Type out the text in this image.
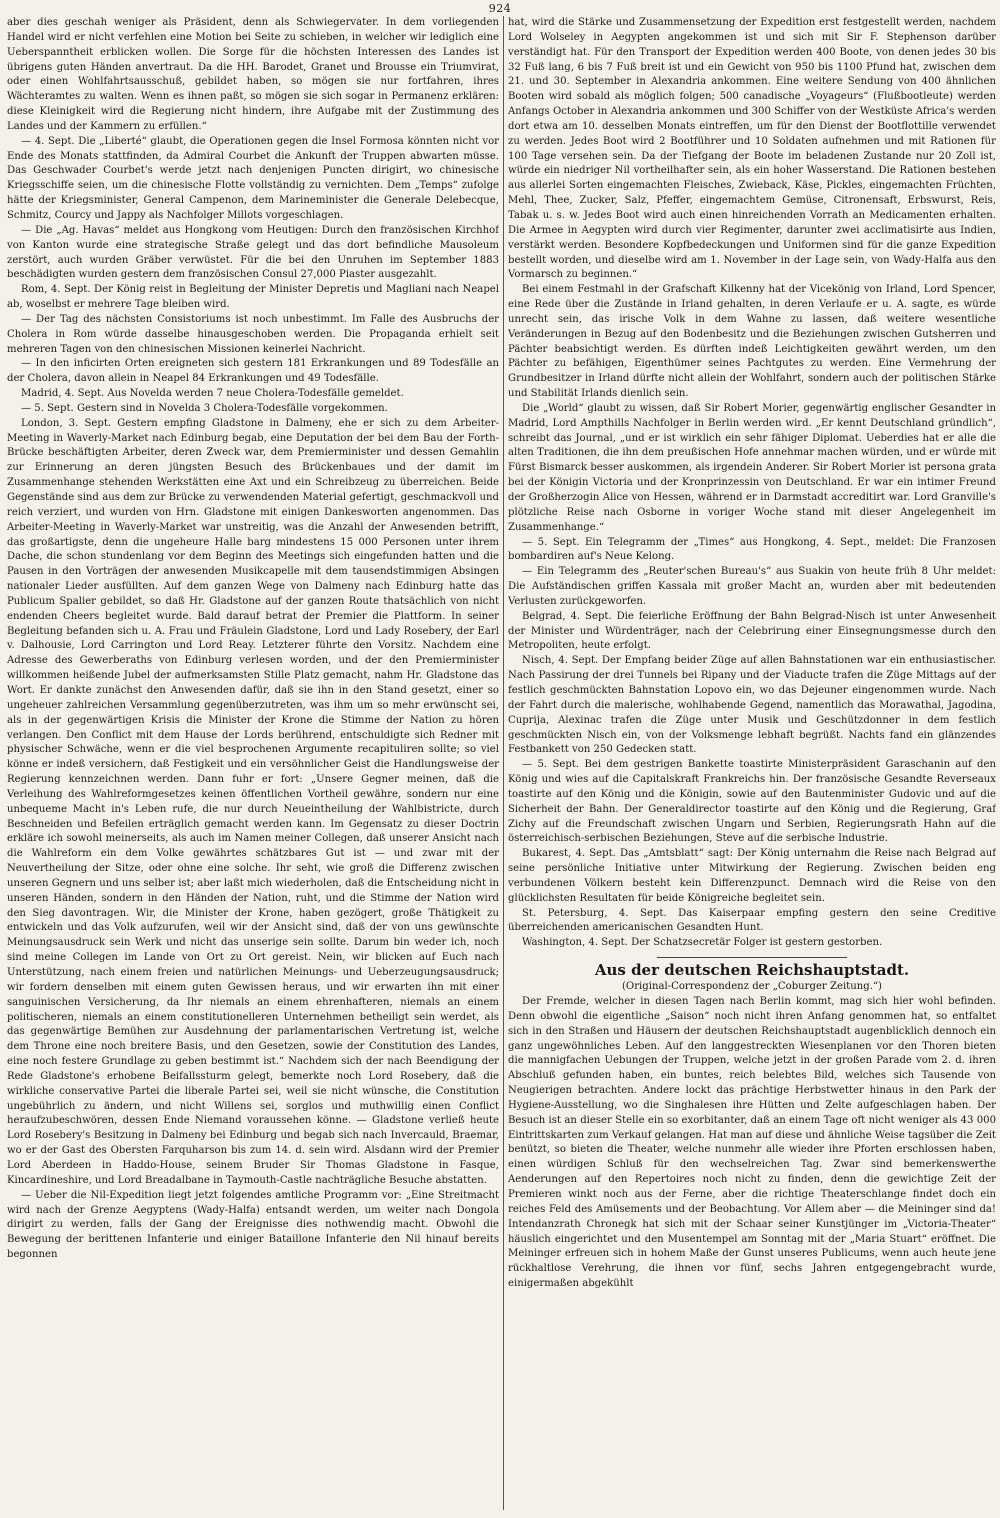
924

aber dies geschah weniger als Präsident, denn als Schwiegervater. In dem vorliegenden Handel wird er nicht verfehlen eine Motion bei Seite zu schieben, in welcher wir lediglich eine Ueberspanntheit erblicken wollen. Die Sorge für die höchsten Interessen des Landes ist übrigens guten Händen anvertraut. Da die HH. Barodet, Granet und Brousse ein Triumvirat, oder einen Wohlfahrtsausschuß, gebildet haben, so mögen sie nur fortfahren, ihres Wächteramtes zu walten. Wenn es ihnen paßt, so mögen sie sich sogar in Permanenz erklären: diese Kleinigkeit wird die Regierung nicht hindern, ihre Aufgabe mit der Zustimmung des Landes und der Kammern zu erfüllen.“

— 4. Sept. Die „Liberté“ glaubt, die Operationen gegen die Insel Formosa könnten nicht vor Ende des Monats stattfinden, da Admiral Courbet die Ankunft der Truppen abwarten müsse. Das Geschwader Courbet's werde jetzt nach denjenigen Puncten dirigirt, wo chinesische Kriegsschiffe seien, um die chinesische Flotte vollständig zu vernichten. Dem „Temps“ zufolge hätte der Kriegsminister, General Campenon, dem Marineminister die Generale Delebecque, Schmitz, Courcy und Jappy als Nachfolger Millots vorgeschlagen.

— Die „Ag. Havas“ meldet aus Hongkong vom Heutigen: Durch den französischen Kirchhof von Kanton wurde eine strategische Straße gelegt und das dort befindliche Mausoleum zerstört, auch wurden Gräber verwüstet. Für die bei den Unruhen im September 1883 beschädigten wurden gestern dem französischen Consul 27,000 Piaster ausgezahlt.

Rom, 4. Sept. Der König reist in Begleitung der Minister Depretis und Magliani nach Neapel ab, woselbst er mehrere Tage bleiben wird.

— Der Tag des nächsten Consistoriums ist noch unbestimmt. Im Falle des Ausbruchs der Cholera in Rom würde dasselbe hinausgeschoben werden. Die Propaganda erhielt seit mehreren Tagen von den chinesischen Missionen keinerlei Nachricht.

— In den inficirten Orten ereigneten sich gestern 181 Erkrankungen und 89 Todesfälle an der Cholera, davon allein in Neapel 84 Erkrankungen und 49 Todesfälle.

Madrid, 4. Sept. Aus Novelda werden 7 neue Cholera-Todesfälle gemeldet.

— 5. Sept. Gestern sind in Novelda 3 Cholera-Todesfälle vorgekommen.

London, 3. Sept. Gestern empfing Gladstone in Dalmeny, ehe er sich zu dem Arbeiter-Meeting in Waverly-Market nach Edinburg begab, eine Deputation der bei dem Bau der Forth-Brücke beschäftigten Arbeiter, deren Zweck war, dem Premierminister und dessen Gemahlin zur Erinnerung an deren jüngsten Besuch des Brückenbaues und der damit im Zusammenhange stehenden Werkstätten eine Axt und ein Schreibzeug zu überreichen. Beide Gegenstände sind aus dem zur Brücke zu verwendenden Material gefertigt, geschmackvoll und reich verziert, und wurden von Hrn. Gladstone mit einigen Dankesworten angenommen. Das Arbeiter-Meeting in Waverly-Market war unstreitig, was die Anzahl der Anwesenden betrifft, das großartigste, denn die ungeheure Halle barg mindestens 15 000 Personen unter ihrem Dache, die schon stundenlang vor dem Beginn des Meetings sich eingefunden hatten und die Pausen in den Vorträgen der anwesenden Musikcapelle mit dem tausendstimmigen Absingen nationaler Lieder ausfüllten. Auf dem ganzen Wege von Dalmeny nach Edinburg hatte das Publicum Spalier gebildet, so daß Hr. Gladstone auf der ganzen Route thatsächlich von nicht endenden Cheers begleitet wurde. Bald darauf betrat der Premier die Plattform. In seiner Begleitung befanden sich u. A. Frau und Fräulein Gladstone, Lord und Lady Rosebery, der Earl v. Dalhousie, Lord Carrington und Lord Reay. Letzterer führte den Vorsitz. Nachdem eine Adresse des Gewerberaths von Edinburg verlesen worden, und der den Premierminister willkommen heißende Jubel der aufmerksamsten Stille Platz gemacht, nahm Hr. Gladstone das Wort. Er dankte zunächst den Anwesenden dafür, daß sie ihn in den Stand gesetzt, einer so ungeheuer zahlreichen Versammlung gegenüberzutreten, was ihm um so mehr erwünscht sei, als in der gegenwärtigen Krisis die Minister der Krone die Stimme der Nation zu hören verlangen. Den Conflict mit dem Hause der Lords berührend, entschuldigte sich Redner mit physischer Schwäche, wenn er die viel besprochenen Argumente recapituliren sollte; so viel könne er indeß versichern, daß Festigkeit und ein versöhnlicher Geist die Handlungsweise der Regierung kennzeichnen werden. Dann fuhr er fort: „Unsere Gegner meinen, daß die Verleihung des Wahlreformgesetzes keinen öffentlichen Vortheil gewähre, sondern nur eine unbequeme Macht in's Leben rufe, die nur durch Neueintheilung der Wahlbistricte, durch Beschneiden und Befeilen erträglich gemacht werden kann. Im Gegensatz zu dieser Doctrin erkläre ich sowohl meinerseits, als auch im Namen meiner Collegen, daß unserer Ansicht nach die Wahlreform ein dem Volke gewährtes schätzbares Gut ist — und zwar mit der Neuvertheilung der Sitze, oder ohne eine solche. Ihr seht, wie groß die Differenz zwischen unseren Gegnern und uns selber ist; aber laßt mich wiederholen, daß die Entscheidung nicht in unseren Händen, sondern in den Händen der Nation, ruht, und die Stimme der Nation wird den Sieg davontragen. Wir, die Minister der Krone, haben gezögert, große Thätigkeit zu entwickeln und das Volk aufzurufen, weil wir der Ansicht sind, daß der von uns gewünschte Meinungsausdruck sein Werk und nicht das unserige sein sollte. Darum bin weder ich, noch sind meine Collegen im Lande von Ort zu Ort gereist. Nein, wir blicken auf Euch nach Unterstützung, nach einem freien und natürlichen Meinungs- und Ueberzeugungsausdruck; wir fordern denselben mit einem guten Gewissen heraus, und wir erwarten ihn mit einer sanguinischen Versicherung, da Ihr niemals an einem ehrenhafteren, niemals an einem politischeren, niemals an einem constitutionelleren Unternehmen betheiligt sein werdet, als das gegenwärtige Bemühen zur Ausdehnung der parlamentarischen Vertretung ist, welche dem Throne eine noch breitere Basis, und den Gesetzen, sowie der Constitution des Landes, eine noch festere Grundlage zu geben bestimmt ist.“ Nachdem sich der nach Beendigung der Rede Gladstone's erhobene Beifallssturm gelegt, bemerkte noch Lord Rosebery, daß die wirkliche conservative Partei die liberale Partei sei, weil sie nicht wünsche, die Constitution ungebührlich zu ändern, und nicht Willens sei, sorglos und muthwillig einen Conflict heraufzubeschwören, dessen Ende Niemand voraussehen könne. — Gladstone verließ heute Lord Rosebery's Besitzung in Dalmeny bei Edinburg und begab sich nach Invercauld, Braemar, wo er der Gast des Obersten Farquharson bis zum 14. d. sein wird. Alsdann wird der Premier Lord Aberdeen in Haddo-House, seinem Bruder Sir Thomas Gladstone in Fasque, Kincardineshire, und Lord Breadalbane in Taymouth-Castle nachträgliche Besuche abstatten.

— Ueber die Nil-Expedition liegt jetzt folgendes amtliche Programm vor: „Eine Streitmacht wird nach der Grenze Aegyptens (Wady-Halfa) entsandt werden, um weiter nach Dongola dirigirt zu werden, falls der Gang der Ereignisse dies nothwendig macht. Obwohl die Bewegung der berittenen Infanterie und einiger Bataillone Infanterie den Nil hinauf bereits begonnen

hat, wird die Stärke und Zusammensetzung der Expedition erst festgestellt werden, nachdem Lord Wolseley in Aegypten angekommen ist und sich mit Sir F. Stephenson darüber verständigt hat. Für den Transport der Expedition werden 400 Boote, von denen jedes 30 bis 32 Fuß lang, 6 bis 7 Fuß breit ist und ein Gewicht von 950 bis 1100 Pfund hat, zwischen dem 21. und 30. September in Alexandria ankommen. Eine weitere Sendung von 400 ähnlichen Booten wird sobald als möglich folgen; 500 canadische „Voyageurs“ (Flußbootleute) werden Anfangs October in Alexandria ankommen und 300 Schiffer von der Westküste Africa's werden dort etwa am 10. desselben Monats eintreffen, um für den Dienst der Bootflottille verwendet zu werden. Jedes Boot wird 2 Bootführer und 10 Soldaten aufnehmen und mit Rationen für 100 Tage versehen sein. Da der Tiefgang der Boote im beladenen Zustande nur 20 Zoll ist, würde ein niedriger Nil vortheilhafter sein, als ein hoher Wasserstand. Die Rationen bestehen aus allerlei Sorten eingemachten Fleisches, Zwieback, Käse, Pickles, eingemachten Früchten, Mehl, Thee, Zucker, Salz, Pfeffer, eingemachtem Gemüse, Citronensaft, Erbswurst, Reis, Tabak u. s. w. Jedes Boot wird auch einen hinreichenden Vorrath an Medicamenten erhalten. Die Armee in Aegypten wird durch vier Regimenter, darunter zwei acclimatisirte aus Indien, verstärkt werden. Besondere Kopfbedeckungen und Uniformen sind für die ganze Expedition bestellt worden, und dieselbe wird am 1. November in der Lage sein, von Wady-Halfa aus den Vormarsch zu beginnen.“

Bei einem Festmahl in der Grafschaft Kilkenny hat der Vicekönig von Irland, Lord Spencer, eine Rede über die Zustände in Irland gehalten, in deren Verlaufe er u. A. sagte, es würde unrecht sein, das irische Volk in dem Wahne zu lassen, daß weitere wesentliche Veränderungen in Bezug auf den Bodenbesitz und die Beziehungen zwischen Gutsherren und Pächter beabsichtigt werden. Es dürften indeß Leichtigkeiten gewährt werden, um den Pächter zu befähigen, Eigenthümer seines Pachtgutes zu werden. Eine Vermehrung der Grundbesitzer in Irland dürfte nicht allein der Wohlfahrt, sondern auch der politischen Stärke und Stabilität Irlands dienlich sein.

Die „World“ glaubt zu wissen, daß Sir Robert Morier, gegenwärtig englischer Gesandter in Madrid, Lord Ampthills Nachfolger in Berlin werden wird. „Er kennt Deutschland gründlich“, schreibt das Journal, „und er ist wirklich ein sehr fähiger Diplomat. Ueberdies hat er alle die alten Traditionen, die ihn dem preußischen Hofe annehmar machen würden, und er würde mit Fürst Bismarck besser auskommen, als irgendein Anderer. Sir Robert Morier ist persona grata bei der Königin Victoria und der Kronprinzessin von Deutschland. Er war ein intimer Freund der Großherzogin Alice von Hessen, während er in Darmstadt accreditirt war. Lord Granville's plötzliche Reise nach Osborne in voriger Woche stand mit dieser Angelegenheit im Zusammenhange.“

— 5. Sept. Ein Telegramm der „Times“ aus Hongkong, 4. Sept., meldet: Die Franzosen bombardiren auf's Neue Kelong.

— Ein Telegramm des „Reuter'schen Bureau's“ aus Suakin von heute früh 8 Uhr meldet: Die Aufständischen griffen Kassala mit großer Macht an, wurden aber mit bedeutenden Verlusten zurückgeworfen.

Belgrad, 4. Sept. Die feierliche Eröffnung der Bahn Belgrad-Nisch ist unter Anwesenheit der Minister und Würdenträger, nach der Celebrirung einer Einsegnungsmesse durch den Metropoliten, heute erfolgt.

Nisch, 4. Sept. Der Empfang beider Züge auf allen Bahnstationen war ein enthusiastischer. Nach Passirung der drei Tunnels bei Ripany und der Viaducte trafen die Züge Mittags auf der festlich geschmückten Bahnstation Lopovo ein, wo das Dejeuner eingenommen wurde. Nach der Fahrt durch die malerische, wohlhabende Gegend, namentlich das Morawathal, Jagodina, Cuprija, Alexinac trafen die Züge unter Musik und Geschützdonner in dem festlich geschmückten Nisch ein, von der Volksmenge lebhaft begrüßt. Nachts fand ein glänzendes Festbankett von 250 Gedecken statt.

— 5. Sept. Bei dem gestrigen Bankette toastirte Ministerpräsident Garaschanin auf den König und wies auf die Capitalskraft Frankreichs hin. Der französische Gesandte Reverseaux toastirte auf den König und die Königin, sowie auf den Bautenminister Gudovic und auf die Sicherheit der Bahn. Der Generaldirector toastirte auf den König und die Regierung, Graf Zichy auf die Freundschaft zwischen Ungarn und Serbien, Regierungsrath Hahn auf die österreichisch-serbischen Beziehungen, Steve auf die serbische Industrie.

Bukarest, 4. Sept. Das „Amtsblatt“ sagt: Der König unternahm die Reise nach Belgrad auf seine persönliche Initiative unter Mitwirkung der Regierung. Zwischen beiden eng verbundenen Völkern besteht kein Differenzpunct. Demnach wird die Reise von den glücklichsten Resultaten für beide Königreiche begleitet sein.

St. Petersburg, 4. Sept. Das Kaiserpaar empfing gestern den seine Creditive überreichenden americanischen Gesandten Hunt.

Washington, 4. Sept. Der Schatzsecretär Folger ist gestern gestorben.

Aus der deutschen Reichshauptstadt.

(Original-Correspondenz der „Coburger Zeitung.“)

Der Fremde, welcher in diesen Tagen nach Berlin kommt, mag sich hier wohl befinden. Denn obwohl die eigentliche „Saison“ noch nicht ihren Anfang genommen hat, so entfaltet sich in den Straßen und Häusern der deutschen Reichshauptstadt augenblicklich dennoch ein ganz ungewöhnliches Leben. Auf den langgestreckten Wiesenplanen vor den Thoren bieten die mannigfachen Uebungen der Truppen, welche jetzt in der großen Parade vom 2. d. ihren Abschluß gefunden haben, ein buntes, reich belebtes Bild, welches sich Tausende von Neugierigen betrachten. Andere lockt das prächtige Herbstwetter hinaus in den Park der Hygiene-Ausstellung, wo die Singhalesen ihre Hütten und Zelte aufgeschlagen haben. Der Besuch ist an dieser Stelle ein so exorbitanter, daß an einem Tage oft nicht weniger als 43 000 Eintrittskarten zum Verkauf gelangen. Hat man auf diese und ähnliche Weise tagsüber die Zeit benützt, so bieten die Theater, welche nunmehr alle wieder ihre Pforten erschlossen haben, einen würdigen Schluß für den wechselreichen Tag. Zwar sind bemerkenswerthe Aenderungen auf den Repertoires noch nicht zu finden, denn die gewichtige Zeit der Premieren winkt noch aus der Ferne, aber die richtige Theaterschlange findet doch ein reiches Feld des Amüsements und der Beobachtung. Vor Allem aber — die Meininger sind da! Intendanzrath Chronegk hat sich mit der Schaar seiner Kunstjünger im „Victoria-Theater“ häuslich eingerichtet und den Musentempel am Sonntag mit der „Maria Stuart“ eröffnet. Die Meininger erfreuen sich in hohem Maße der Gunst unseres Publicums, wenn auch heute jene rückhaltlose Verehrung, die ihnen vor fünf, sechs Jahren entgegengebracht wurde, einigermaßen abgekühlt
